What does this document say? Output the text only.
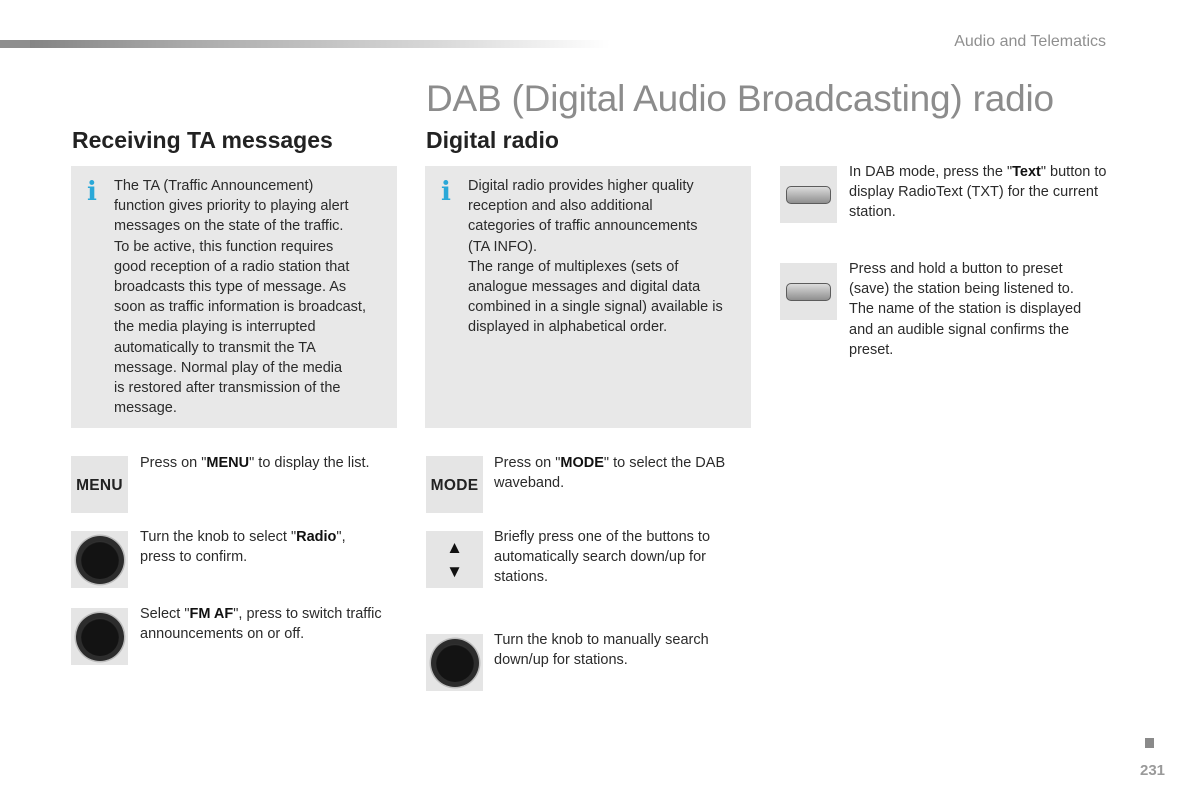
Audio and Telematics
DAB (Digital Audio Broadcasting) radio
Receiving TA messages
i The TA (Traffic Announcement)

function gives priority to playing alert

messages on the state of the traffic.

To be active, this function requires

good reception of a radio station that

broadcasts this type of message. As

soon as traffic information is broadcast,

the media playing is interrupted

automatically to transmit the TA

message. Normal play of the media

is restored after transmission of the

message.

MENU
Press on "MENU" to display the list.
Turn the knob to select "Radio", press to confirm.
Select "FM AF", press to switch traffic announcements on or off.
Digital radio
i Digital radio provides higher quality

reception and also additional

categories of traffic announcements

(TA INFO).

The range of multiplexes (sets of

analogue messages and digital data

combined in a single signal) available is

displayed in alphabetical order.

MODE
Press on "MODE" to select the DAB waveband.
▲
▼
Briefly press one of the buttons to automatically search down/up for stations.
Turn the knob to manually search down/up for stations.
In DAB mode, press the "Text" button to display RadioText (TXT) for the current station.
Press and hold a button to preset (save) the station being listened to. The name of the station is displayed and an audible signal confirms the preset.
231
